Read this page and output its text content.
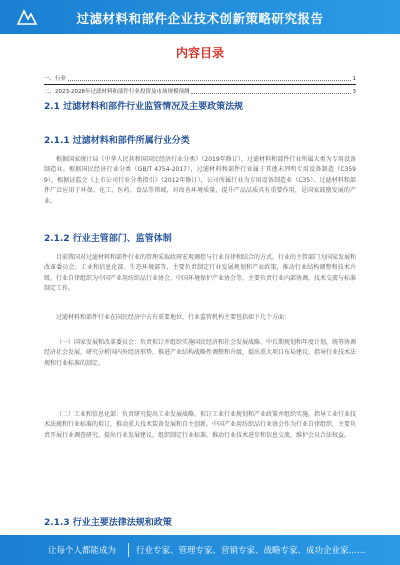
过滤材料和部件企业技术创新策略研究报告
内容目录
一、行业	1
二、2023-2028年过滤材料和部件行业投资及市场规模预测	3
2.1 过滤材料和部件行业监管情况及主要政策法规
2.1.1 过滤材料和部件所属行业分类
根据国家统计局《中华人民共和国国民经济行业分类》（2019年修订），过滤材料和部件行业所属大类为专用设备制造业。根据国民经济行业分类（GB/T 4754-2017），过滤材料和部件行业属于其他未列明专用设备制造（C3599），根据证监会《上市公司行业分类指引》（2012年修订），公司所属行业为专用设备制造业（C35）。过滤材料和部件广泛应用于环保、化工、医药、食品等领域，对改善环境质量、提升产品品质具有重要作用，是国家鼓励发展的产业。
2.1.2 行业主管部门、监管体制
目前我国对过滤材料和部件行业的管理采取政府宏观调控与行业自律相结合的方式。行业的主管部门为国家发展和改革委员会、工业和信息化部、生态环境部等，主要负责制定行业发展规划和产业政策，推动行业结构调整和技术升级。行业自律组织为中国产业用纺织品行业协会、中国环境保护产业协会等，主要负责行业内部协调、技术交流与标准制定工作。
过滤材料和部件行业在国民经济中占有重要地位，行业监管机构主要包括如下几个方面：
（一）国家发展和改革委员会：负责拟订并组织实施国民经济和社会发展战略、中长期规划和年度计划，统筹协调经济社会发展，研究分析国内外经济形势，推进产业结构战略性调整和升级，提出重大项目布局建议，指导行业技术法规和行业标准的制定。
（二）工业和信息化部：负责研究提出工业发展战略，拟订工业行业规划和产业政策并组织实施，指导工业行业技术法规和行业标准的拟订，推动重大技术装备发展和自主创新。中国产业用纺织品行业协会作为行业自律组织，主要负责开展行业调查研究，提出行业发展建议，组织制定行业标准，推动行业技术进步和信息交流，维护会员合法权益。
2.1.3 行业主要法律法规和政策
让每个人都能成为 行业专家、管理专家、营销专家、战略专家、成功企业家……
